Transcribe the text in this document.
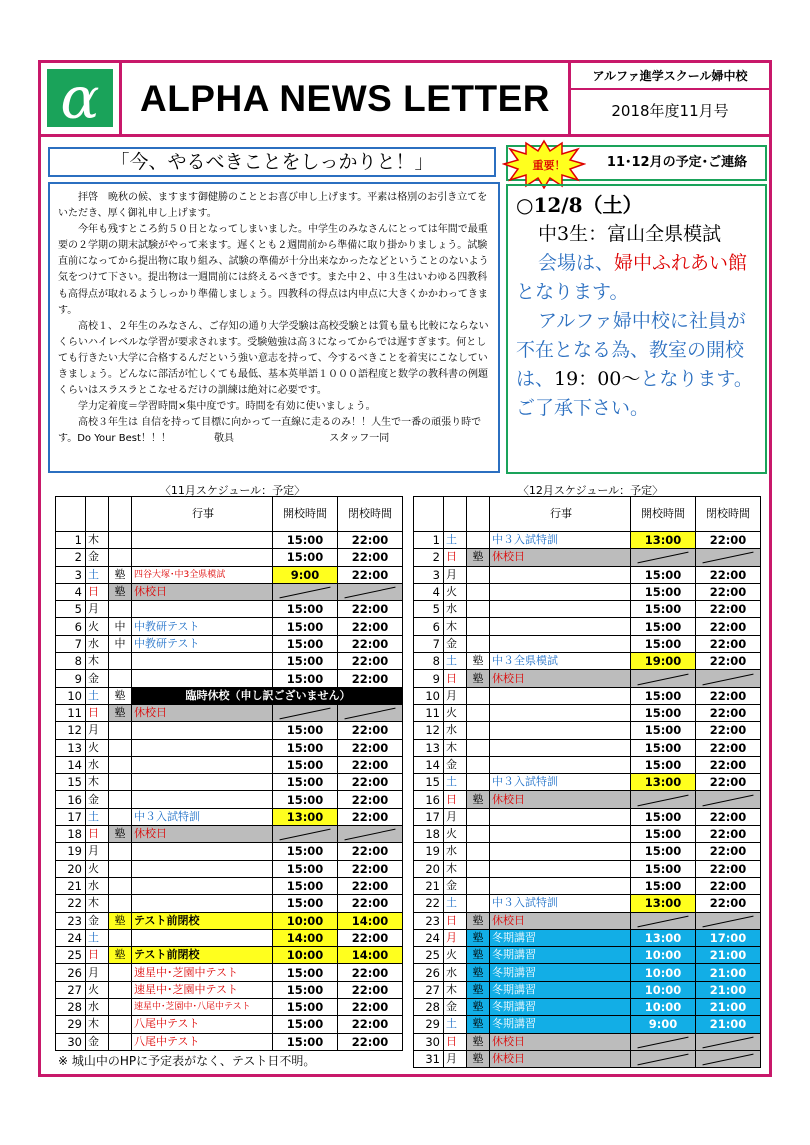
α	ALPHA NEWS LETTER
アルファ進学スクール婦中校
2018年度11月号
「今、やるべきことをしっかりと！」

拝啓　晩秋の候、ますます御健勝のこととお喜び申し上げます。平素は格別のお引き立てをいただき、厚く御礼申し上げます。

今年も残すところ約５０日となってしまいました。中学生のみなさんにとっては年間で最重要の２学期の期末試験がやって来ます。遅くとも２週間前から準備に取り掛かりましょう。試験直前になってから提出物に取り組み、試験の準備が十分出来なかったなどということのないよう気をつけて下さい。提出物は一週間前には終えるべきです。また中２、中３生はいわゆる四教科も高得点が取れるようしっかり準備しましょう。四教科の得点は内申点に大きくかかわってきます。

高校１、２年生のみなさん、ご存知の通り大学受験は高校受験とは質も量も比較にならないくらいハイレベルな学習が要求されます。受験勉強は高３になってからでは遅すぎます。何としても行きたい大学に合格するんだという強い意志を持って、今するべきことを着実にこなしていきましょう。どんなに部活が忙しくても最低、基本英単語１０００語程度と数学の教科書の例題くらいはスラスラとこなせるだけの訓練は絶対に必要です。

学力定着度＝学習時間×集中度です。時間を有効に使いましょう。

高校３年生は 自信を持って目標に向かって一直線に走るのみ！！人生で一番の頑張り時です。Do Your Best！！！	敬具	スタッフ一同

重要！	11･12月の予定･ご連絡
○12/8（土）
中3生：富山全県模試
会場は、婦中ふれあい館となります。
アルファ婦中校に社員が不在となる為、教室の開校は、19：00～となります。ご了承下さい。
〈11月スケジュール：予定〉	〈12月スケジュール：予定〉
			行事	開校時間	閉校時間
1	木			15:00	22:00
2	金			15:00	22:00
3	土	塾	四谷大塚･中3全県模試	9:00	22:00
4	日	塾	休校日		
5	月			15:00	22:00
6	火	中	中教研テスト	15:00	22:00
7	水	中	中教研テスト	15:00	22:00
8	木			15:00	22:00
9	金			15:00	22:00
10	土	塾	臨時休校（申し訳ございません）		
11	日	塾	休校日		
12	月			15:00	22:00
13	火			15:00	22:00
14	水			15:00	22:00
15	木			15:00	22:00
16	金			15:00	22:00
17	土		中３入試特訓	13:00	22:00
18	日	塾	休校日		
19	月			15:00	22:00
20	火			15:00	22:00
21	水			15:00	22:00
22	木			15:00	22:00
23	金	塾	テスト前閉校	10:00	14:00
24	土			14:00	22:00
25	日	塾	テスト前閉校	10:00	14:00
26	月		速星中･芝園中テスト	15:00	22:00
27	火		速星中･芝園中テスト	15:00	22:00
28	水		速星中･芝園中･八尾中テスト	15:00	22:00
29	木		八尾中テスト	15:00	22:00
30	金		八尾中テスト	15:00	22:00
			行事	開校時間	閉校時間
1	土		中３入試特訓	13:00	22:00
2	日	塾	休校日		
3	月			15:00	22:00
4	火			15:00	22:00
5	水			15:00	22:00
6	木			15:00	22:00
7	金			15:00	22:00
8	土	塾	中３全県模試	19:00	22:00
9	日	塾	休校日		
10	月			15:00	22:00
11	火			15:00	22:00
12	水			15:00	22:00
13	木			15:00	22:00
14	金			15:00	22:00
15	土		中３入試特訓	13:00	22:00
16	日	塾	休校日		
17	月			15:00	22:00
18	火			15:00	22:00
19	水			15:00	22:00
20	木			15:00	22:00
21	金			15:00	22:00
22	土		中３入試特訓	13:00	22:00
23	日	塾	休校日		
24	月	塾	冬期講習	13:00	17:00
25	火	塾	冬期講習	10:00	21:00
26	水	塾	冬期講習	10:00	21:00
27	木	塾	冬期講習	10:00	21:00
28	金	塾	冬期講習	10:00	21:00
29	土	塾	冬期講習	9:00	21:00
30	日	塾	休校日		
31	月	塾	休校日		
※ 城山中のHPに予定表がなく、テスト日不明。
